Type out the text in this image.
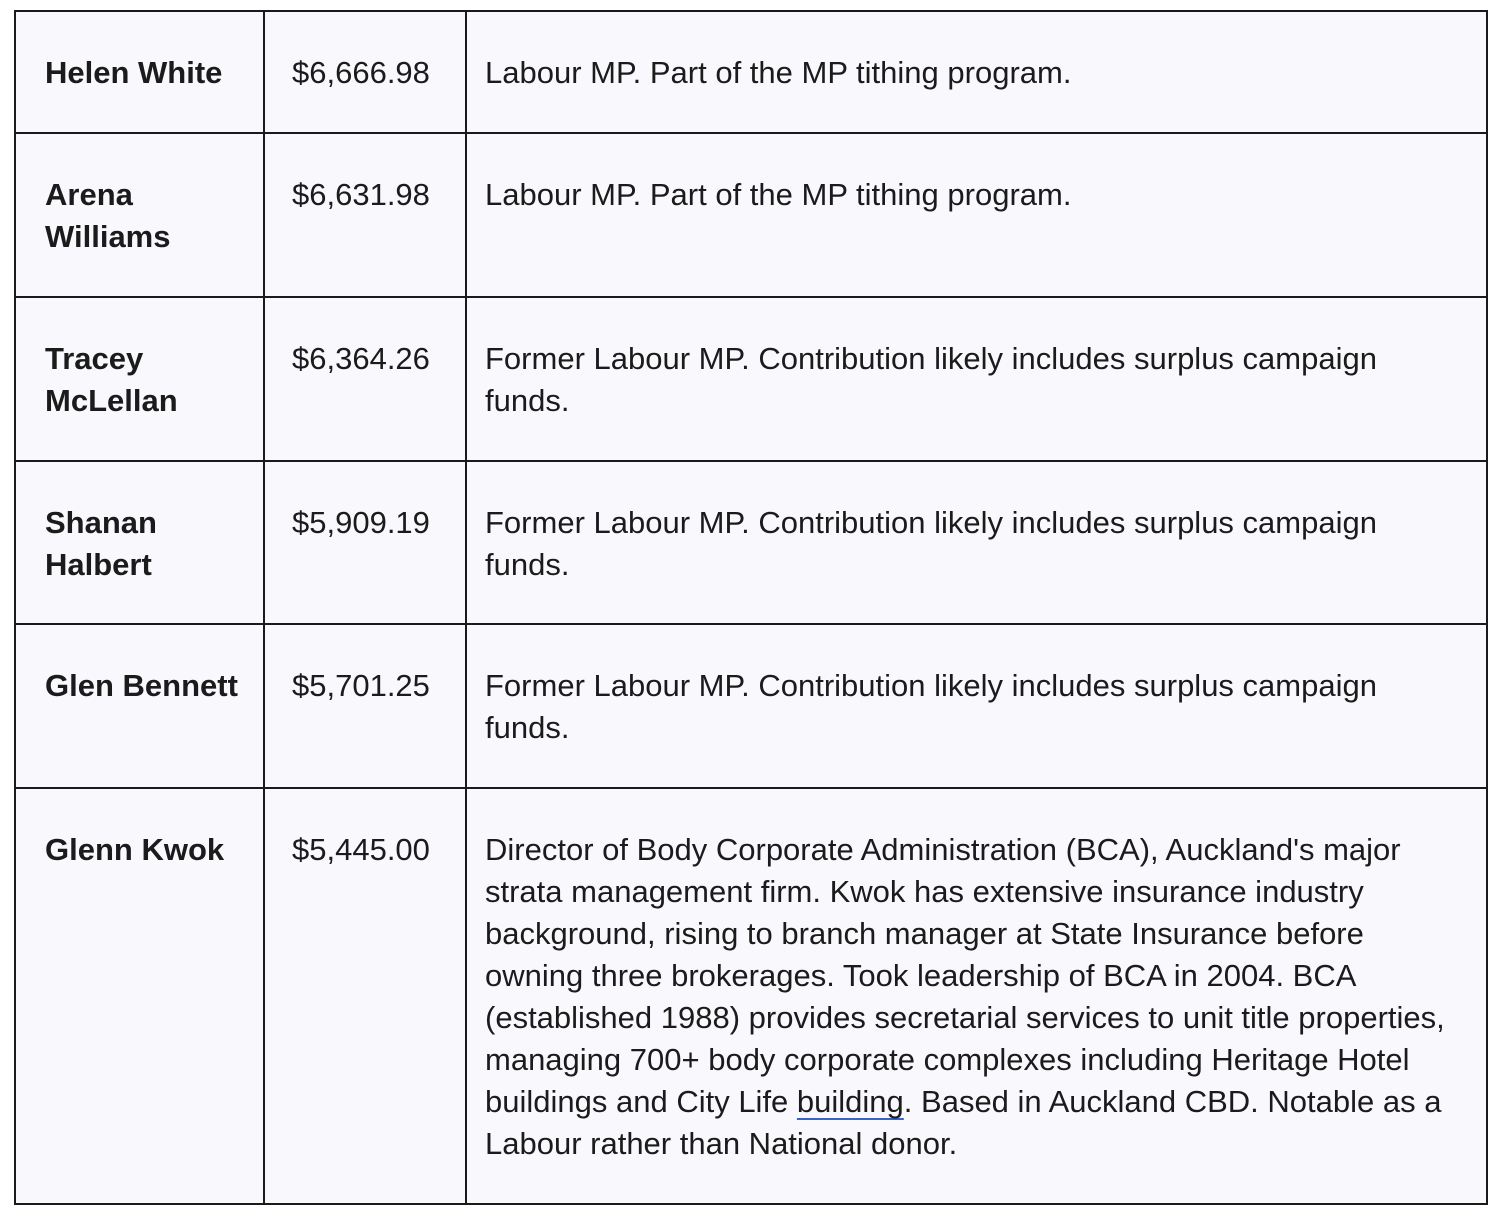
Helen White	$6,666.98	Labour MP. Part of the MP tithing program.
Arena Williams	$6,631.98	Labour MP. Part of the MP tithing program.
Tracey McLellan	$6,364.26	Former Labour MP. Contribution likely includes surplus campaign funds.
Shanan Halbert	$5,909.19	Former Labour MP. Contribution likely includes surplus campaign funds.
Glen Bennett	$5,701.25	Former Labour MP. Contribution likely includes surplus campaign funds.
Glenn Kwok	$5,445.00	Director of Body Corporate Administration (BCA), Auckland's major strata management firm. Kwok has extensive insurance industry background, rising to branch manager at State Insurance before owning three brokerages. Took leadership of BCA in 2004. BCA (established 1988) provides secretarial services to unit title properties, managing 700+ body corporate complexes including Heritage Hotel buildings and City Life building. Based in Auckland CBD. Notable as a Labour rather than National donor.
